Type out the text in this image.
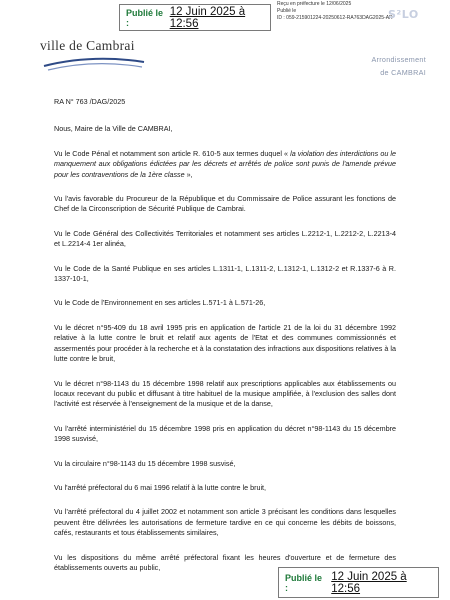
Publié le :
12 Juin 2025 à 12:56
Reçu en préfecture le 12/06/2025
Publié le
ID : 059-215901224-20250612-RA763DAG2025-AR
S²LO
ville de Cambrai
Arrondissement
de CAMBRAI
RA N° 763 /DAG/2025

Nous, Maire de la Ville de CAMBRAI,

Vu le Code Pénal et notamment son article R. 610-5 aux termes duquel « la violation des interdictions ou le manquement aux obligations édictées par les décrets et arrêtés de police sont punis de l'amende prévue pour les contraventions de la 1ère classe »,

Vu l'avis favorable du Procureur de la République et du Commissaire de Police assurant les fonctions de Chef de la Circonscription de Sécurité Publique de Cambrai.

Vu le Code Général des Collectivités Territoriales et notamment ses articles L.2212-1, L.2212-2, L.2213-4 et L.2214-4 1er alinéa,

Vu le Code de la Santé Publique en ses articles L.1311-1, L.1311-2, L.1312-1, L.1312-2 et R.1337-6 à R. 1337-10-1,

Vu le Code de l'Environnement en ses articles L.571-1 à L.571-26,

Vu le décret n°95-409 du 18 avril 1995 pris en application de l'article 21 de la loi du 31 décembre 1992 relative à la lutte contre le bruit et relatif aux agents de l'Etat et des communes commissionnés et assermentés pour procéder à la recherche et à la constatation des infractions aux dispositions relatives à la lutte contre le bruit,

Vu le décret n°98-1143 du 15 décembre 1998 relatif aux prescriptions applicables aux établissements ou locaux recevant du public et diffusant à titre habituel de la musique amplifiée, à l'exclusion des salles dont l'activité est réservée à l'enseignement de la musique et de la danse,

Vu l'arrêté interministériel du 15 décembre 1998 pris en application du décret n°98-1143 du 15 décembre 1998 susvisé,

Vu la circulaire n°98-1143 du 15 décembre 1998 susvisé,

Vu l'arrêté préfectoral du 6 mai 1996 relatif à la lutte contre le bruit,

Vu l'arrêté préfectoral du 4 juillet 2002 et notamment son article 3 précisant les conditions dans lesquelles peuvent être délivrées les autorisations de fermeture tardive en ce qui concerne les débits de boissons, cafés, restaurants et tous établissements similaires,

Vu les dispositions du même arrêté préfectoral fixant les heures d'ouverture et de fermeture des établissements ouverts au public,

Publié le :
12 Juin 2025 à 12:56
